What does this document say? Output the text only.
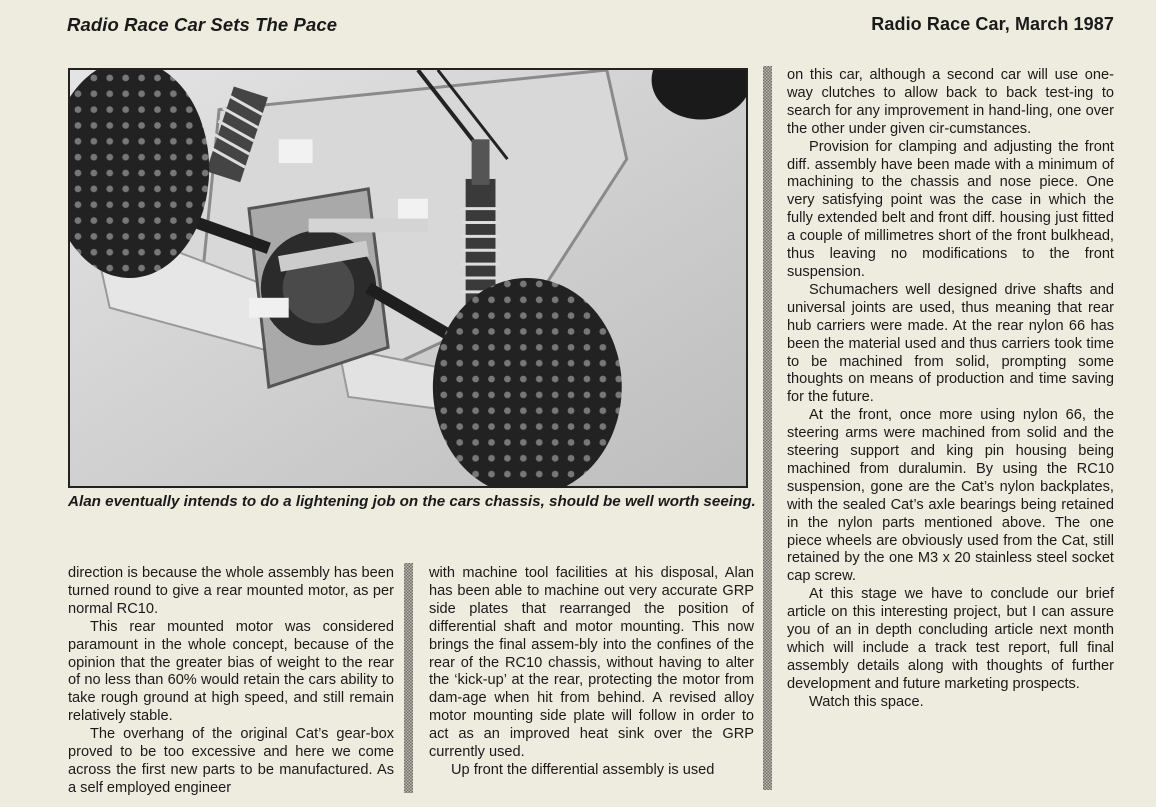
Radio Race Car Sets The Pace	Radio Race Car, March 1987
Alan eventually intends to do a lightening job on the cars chassis, should be well worth seeing.

direction is because the whole assembly has been turned round to give a rear mounted motor, as per normal RC10.

This rear mounted motor was considered paramount in the whole concept, because of the opinion that the greater bias of weight to the rear of no less than 60% would retain the cars ability to take rough ground at high speed, and still remain relatively stable.

The overhang of the original Cat’s gear-box proved to be too excessive and here we come across the first new parts to be manufactured. As a self employed engineer

with machine tool facilities at his disposal, Alan has been able to machine out very accurate GRP side plates that rearranged the position of differential shaft and motor mounting. This now brings the final assem-bly into the confines of the rear of the RC10 chassis, without having to alter the ‘kick-up’ at the rear, protecting the motor from dam-age when hit from behind. A revised alloy motor mounting side plate will follow in order to act as an improved heat sink over the GRP currently used.

Up front the differential assembly is used

on this car, although a second car will use one-way clutches to allow back to back test-ing to search for any improvement in hand-ling, one over the other under given cir-cumstances.

Provision for clamping and adjusting the front diff. assembly have been made with a minimum of machining to the chassis and nose piece. One very satisfying point was the case in which the fully extended belt and front diff. housing just fitted a couple of millimetres short of the front bulkhead, thus leaving no modifications to the front suspension.

Schumachers well designed drive shafts and universal joints are used, thus meaning that rear hub carriers were made. At the rear nylon 66 has been the material used and thus carriers took time to be machined from solid, prompting some thoughts on means of production and time saving for the future.

At the front, once more using nylon 66, the steering arms were machined from solid and the steering support and king pin housing being machined from duralumin. By using the RC10 suspension, gone are the Cat’s nylon backplates, with the sealed Cat’s axle bearings being retained in the nylon parts mentioned above. The one piece wheels are obviously used from the Cat, still retained by the one M3 x 20 stainless steel socket cap screw.

At this stage we have to conclude our brief article on this interesting project, but I can assure you of an in depth concluding article next month which will include a track test report, full final assembly details along with thoughts of further development and future marketing prospects.

Watch this space.
